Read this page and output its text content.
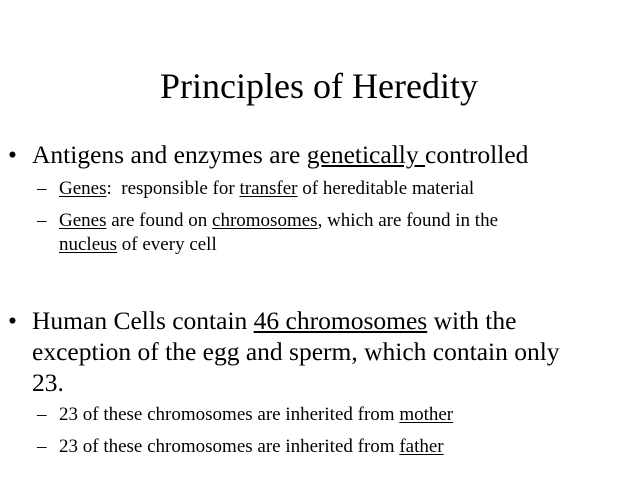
Principles of Heredity
• Antigens and enzymes are genetically controlled
– Genes:  responsible for transfer of hereditable material
– Genes are found on chromosomes, which are found in the
nucleus of every cell
• Human Cells contain 46 chromosomes with the
exception of the egg and sperm, which contain only
23.
– 23 of these chromosomes are inherited from mother
– 23 of these chromosomes are inherited from father
